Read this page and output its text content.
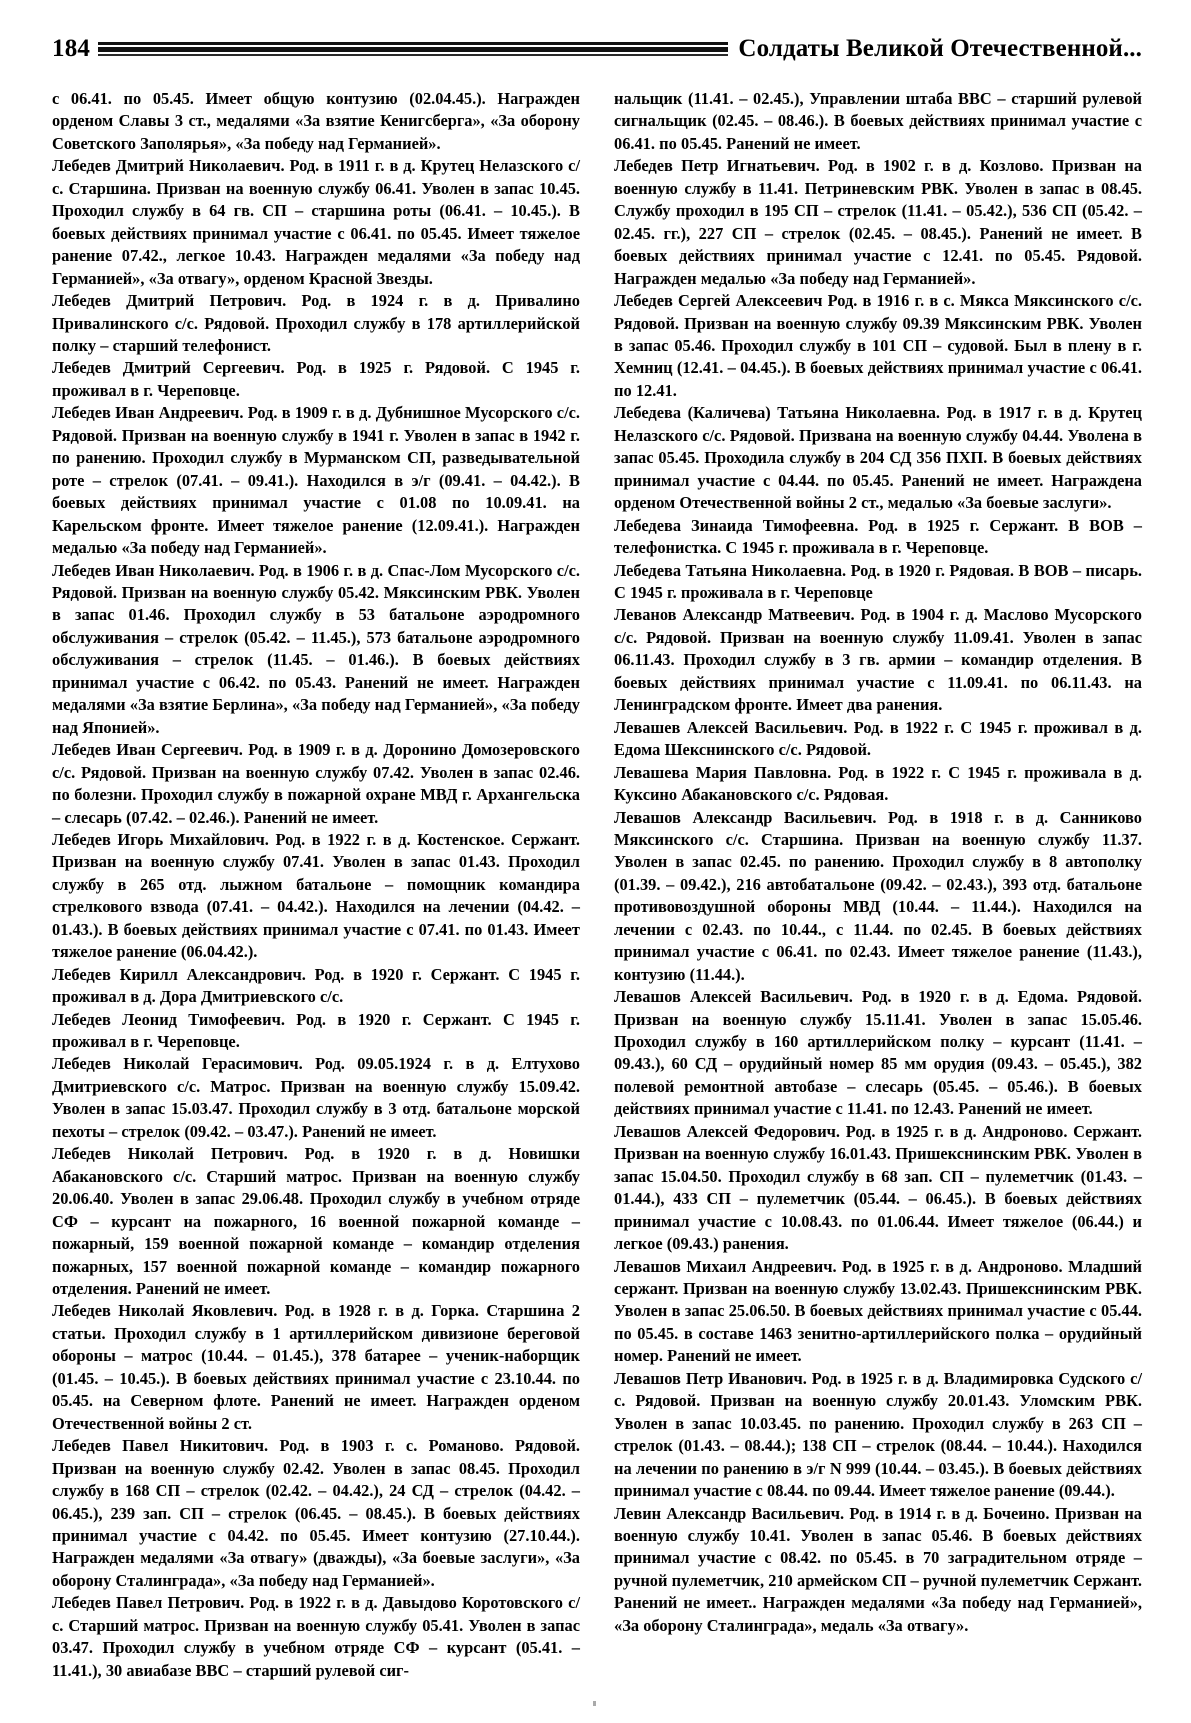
184	Солдаты Великой Отечественной...

с 06.41. по 05.45. Имеет общую контузию (02.04.45.). Награжден орденом Славы 3 ст., медалями «За взятие Кенигсберга», «За оборону Советского Заполярья», «За победу над Германией».

Лебедев Дмитрий Николаевич. Род. в 1911 г. в д. Крутец Нелазского с/с. Старшина. Призван на военную службу 06.41. Уволен в запас 10.45. Проходил службу в 64 гв. СП – старшина роты (06.41. – 10.45.). В боевых действиях принимал участие с 06.41. по 05.45. Имеет тяжелое ранение 07.42., легкое 10.43. Награжден медалями «За победу над Германией», «За отвагу», орденом Красной Звезды.

Лебедев Дмитрий Петрович. Род. в 1924 г. в д. Привалино Привалинского с/с. Рядовой. Проходил службу в 178 артиллерийской полку – старший телефонист.

Лебедев Дмитрий Сергеевич. Род. в 1925 г. Рядовой. С 1945 г. проживал в г. Череповце.

Лебедев Иван Андреевич. Род. в 1909 г. в д. Дубнишное Мусорского с/с. Рядовой. Призван на военную службу в 1941 г. Уволен в запас в 1942 г. по ранению. Проходил службу в Мурманском СП, разведывательной роте – стрелок (07.41. – 09.41.). Находился в э/г (09.41. – 04.42.). В боевых действиях принимал участие с 01.08 по 10.09.41. на Карельском фронте. Имеет тяжелое ранение (12.09.41.). Награжден медалью «За победу над Германией».

Лебедев Иван Николаевич. Род. в 1906 г. в д. Спас-Лом Мусорского с/с. Рядовой. Призван на военную службу 05.42. Мяксинским РВК. Уволен в запас 01.46. Проходил службу в 53 батальоне аэродромного обслуживания – стрелок (05.42. – 11.45.), 573 батальоне аэродромного обслуживания – стрелок (11.45. – 01.46.). В боевых действиях принимал участие с 06.42. по 05.43. Ранений не имеет. Награжден медалями «За взятие Берлина», «За победу над Германией», «За победу над Японией».

Лебедев Иван Сергеевич. Род. в 1909 г. в д. Доронино Домозеровского с/с. Рядовой. Призван на военную службу 07.42. Уволен в запас 02.46. по болезни. Проходил службу в пожарной охране МВД г. Архангельска – слесарь (07.42. – 02.46.). Ранений не имеет.

Лебедев Игорь Михайлович. Род. в 1922 г. в д. Костенское. Сержант. Призван на военную службу 07.41. Уволен в запас 01.43. Проходил службу в 265 отд. лыжном батальоне – помощник командира стрелкового взвода (07.41. – 04.42.). Находился на лечении (04.42. – 01.43.). В боевых действиях принимал участие с 07.41. по 01.43. Имеет тяжелое ранение (06.04.42.).

Лебедев Кирилл Александрович. Род. в 1920 г. Сержант. С 1945 г. проживал в д. Дора Дмитриевского с/с.

Лебедев Леонид Тимофеевич. Род. в 1920 г. Сержант. С 1945 г. проживал в г. Череповце.

Лебедев Николай Герасимович. Род. 09.05.1924 г. в д. Елтухово Дмитриевского с/с. Матрос. Призван на военную службу 15.09.42. Уволен в запас 15.03.47. Проходил службу в 3 отд. батальоне морской пехоты – стрелок (09.42. – 03.47.). Ранений не имеет.

Лебедев Николай Петрович. Род. в 1920 г. в д. Новишки Абакановского с/с. Старший матрос. Призван на военную службу 20.06.40. Уволен в запас 29.06.48. Проходил службу в учебном отряде СФ – курсант на пожарного, 16 военной пожарной команде – пожарный, 159 военной пожарной команде – командир отделения пожарных, 157 военной пожарной команде – командир пожарного отделения. Ранений не имеет.

Лебедев Николай Яковлевич. Род. в 1928 г. в д. Горка. Старшина 2 статьи. Проходил службу в 1 артиллерийском дивизионе береговой обороны – матрос (10.44. – 01.45.), 378 батарее – ученик-наборщик (01.45. – 10.45.). В боевых действиях принимал участие с 23.10.44. по 05.45. на Северном флоте. Ранений не имеет. Награжден орденом Отечественной войны 2 ст.

Лебедев Павел Никитович. Род. в 1903 г. с. Романово. Рядовой. Призван на военную службу 02.42. Уволен в запас 08.45. Проходил службу в 168 СП – стрелок (02.42. – 04.42.), 24 СД – стрелок (04.42. – 06.45.), 239 зап. СП – стрелок (06.45. – 08.45.). В боевых действиях принимал участие с 04.42. по 05.45. Имеет контузию (27.10.44.). Награжден медалями «За отвагу» (дважды), «За боевые заслуги», «За оборону Сталинграда», «За победу над Германией».

Лебедев Павел Петрович. Род. в 1922 г. в д. Давыдово Коротовского с/с. Старший матрос. Призван на военную службу 05.41. Уволен в запас 03.47. Проходил службу в учебном отряде СФ – курсант (05.41. – 11.41.), 30 авиабазе ВВС – старший рулевой сиг-

нальщик (11.41. – 02.45.), Управлении штаба ВВС – старший рулевой сигнальщик (02.45. – 08.46.). В боевых действиях принимал участие с 06.41. по 05.45. Ранений не имеет.

Лебедев Петр Игнатьевич. Род. в 1902 г. в д. Козлово. Призван на военную службу в 11.41. Петриневским РВК. Уволен в запас в 08.45. Службу проходил в 195 СП – стрелок (11.41. – 05.42.), 536 СП (05.42. – 02.45. гг.), 227 СП – стрелок (02.45. – 08.45.). Ранений не имеет. В боевых действиях принимал участие с 12.41. по 05.45. Рядовой. Награжден медалью «За победу над Германией».

Лебедев Сергей Алексеевич Род. в 1916 г. в с. Мякса Мяксинского с/с. Рядовой. Призван на военную службу 09.39 Мяксинским РВК. Уволен в запас 05.46. Проходил службу в 101 СП – судовой. Был в плену в г. Хемниц (12.41. – 04.45.). В боевых действиях принимал участие с 06.41. по 12.41.

Лебедева (Каличева) Татьяна Николаевна. Род. в 1917 г. в д. Крутец Нелазского с/с. Рядовой. Призвана на военную службу 04.44. Уволена в запас 05.45. Проходила службу в 204 СД 356 ПХП. В боевых действиях принимал участие с 04.44. по 05.45. Ранений не имеет. Награждена орденом Отечественной войны 2 ст., медалью «За боевые заслуги».

Лебедева Зинаида Тимофеевна. Род. в 1925 г. Сержант. В ВОВ – телефонистка. С 1945 г. проживала в г. Череповце.

Лебедева Татьяна Николаевна. Род. в 1920 г. Рядовая. В ВОВ – писарь. С 1945 г. проживала в г. Череповце

Леванов Александр Матвеевич. Род. в 1904 г. д. Маслово Мусорского с/с. Рядовой. Призван на военную службу 11.09.41. Уволен в запас 06.11.43. Проходил службу в 3 гв. армии – командир отделения. В боевых действиях принимал участие с 11.09.41. по 06.11.43. на Ленинградском фронте. Имеет два ранения.

Левашев Алексей Васильевич. Род. в 1922 г. С 1945 г. проживал в д. Едома Шекснинского с/с. Рядовой.

Левашева Мария Павловна. Род. в 1922 г. С 1945 г. проживала в д. Куксино Абакановского с/с. Рядовая.

Левашов Александр Васильевич. Род. в 1918 г. в д. Санниково Мяксинского с/с. Старшина. Призван на военную службу 11.37. Уволен в запас 02.45. по ранению. Проходил службу в 8 автополку (01.39. – 09.42.), 216 автобатальоне (09.42. – 02.43.), 393 отд. батальоне противовоздушной обороны МВД (10.44. – 11.44.). Находился на лечении с 02.43. по 10.44., с 11.44. по 02.45. В боевых действиях принимал участие с 06.41. по 02.43. Имеет тяжелое ранение (11.43.), контузию (11.44.).

Левашов Алексей Васильевич. Род. в 1920 г. в д. Едома. Рядовой. Призван на военную службу 15.11.41. Уволен в запас 15.05.46. Проходил службу в 160 артиллерийском полку – курсант (11.41. – 09.43.), 60 СД – орудийный номер 85 мм орудия (09.43. – 05.45.), 382 полевой ремонтной автобазе – слесарь (05.45. – 05.46.). В боевых действиях принимал участие с 11.41. по 12.43. Ранений не имеет.

Левашов Алексей Федорович. Род. в 1925 г. в д. Андроново. Сержант. Призван на военную службу 16.01.43. Пришекснинским РВК. Уволен в запас 15.04.50. Проходил службу в 68 зап. СП – пулеметчик (01.43. – 01.44.), 433 СП – пулеметчик (05.44. – 06.45.). В боевых действиях принимал участие с 10.08.43. по 01.06.44. Имеет тяжелое (06.44.) и легкое (09.43.) ранения.

Левашов Михаил Андреевич. Род. в 1925 г. в д. Андроново. Младший сержант. Призван на военную службу 13.02.43. Пришекснинским РВК. Уволен в запас 25.06.50. В боевых действиях принимал участие с 05.44. по 05.45. в составе 1463 зенитно-артиллерийского полка – орудийный номер. Ранений не имеет.

Левашов Петр Иванович. Род. в 1925 г. в д. Владимировка Судского с/с. Рядовой. Призван на военную службу 20.01.43. Уломским РВК. Уволен в запас 10.03.45. по ранению. Проходил службу в 263 СП – стрелок (01.43. – 08.44.); 138 СП – стрелок (08.44. – 10.44.). Находился на лечении по ранению в э/г N 999 (10.44. – 03.45.). В боевых действиях принимал участие с 08.44. по 09.44. Имеет тяжелое ранение (09.44.).

Левин Александр Васильевич. Род. в 1914 г. в д. Бочеино. Призван на военную службу 10.41. Уволен в запас 05.46. В боевых действиях принимал участие с 08.42. по 05.45. в 70 заградительном отряде – ручной пулеметчик, 210 армейском СП – ручной пулеметчик Сержант. Ранений не имеет.. Награжден медалями «За победу над Германией», «За оборону Сталинграда», медаль «За отвагу».
